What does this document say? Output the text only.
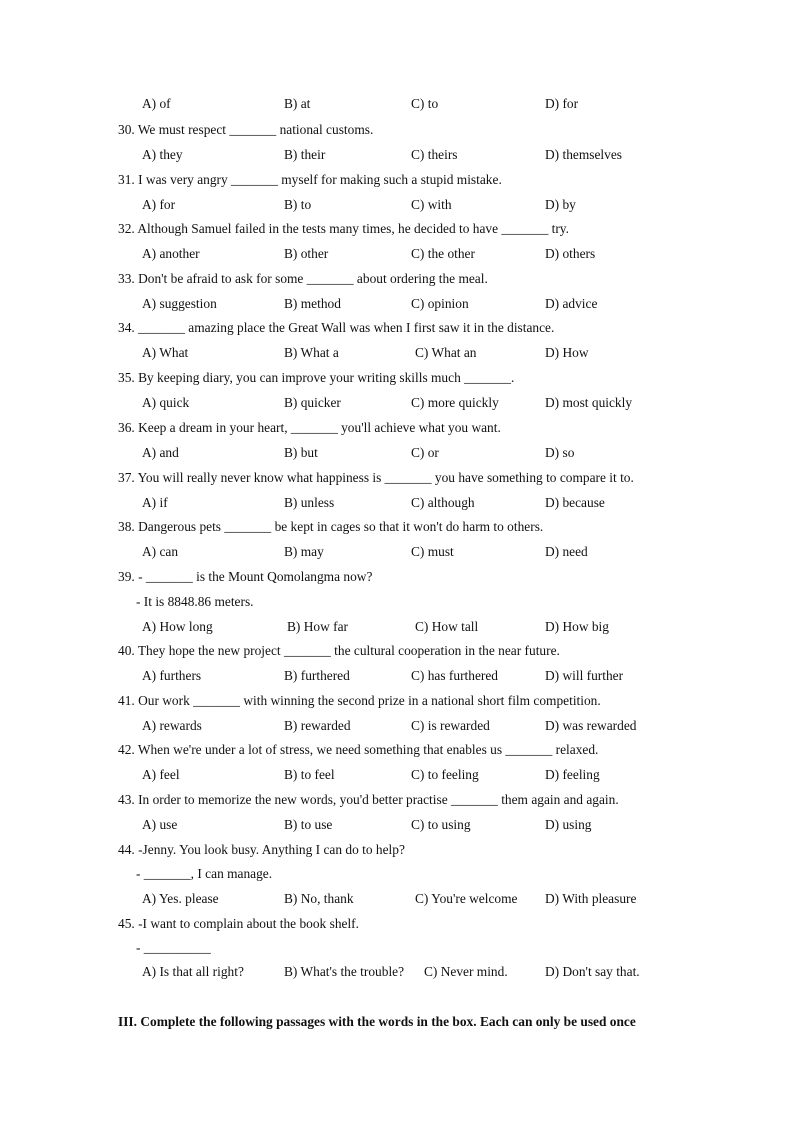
A) of	B) at	C) to	D) for
30. We must respect _______ national customs.
A) they	B) their	C) theirs	D) themselves
31. I was very angry _______ myself for making such a stupid mistake.
A) for	B) to	C) with	D) by
32. Although Samuel failed in the tests many times, he decided to have _______ try.
A) another	B) other	C) the other	D) others
33. Don't be afraid to ask for some _______ about ordering the meal.
A) suggestion	B) method	C) opinion	D) advice
34. _______ amazing place the Great Wall was when I first saw it in the distance.
A) What	B) What a	C) What an	D) How
35. By keeping diary, you can improve your writing skills much _______.
A) quick	B) quicker	C) more quickly	D) most quickly
36. Keep a dream in your heart, _______ you'll achieve what you want.
A) and	B) but	C) or	D) so
37. You will really never know what happiness is _______ you have something to compare it to.
A) if	B) unless	C) although	D) because
38. Dangerous pets _______ be kept in cages so that it won't do harm to others.
A) can	B) may	C) must	D) need
39. - _______ is the Mount Qomolangma now?
- It is 8848.86 meters.
A) How long	B) How far	C) How tall	D) How big
40. They hope the new project _______ the cultural cooperation in the near future.
A) furthers	B) furthered	C) has furthered	D) will further
41. Our work _______ with winning the second prize in a national short film competition.
A) rewards	B) rewarded	C) is rewarded	D) was rewarded
42. When we're under a lot of stress, we need something that enables us _______ relaxed.
A) feel	B) to feel	C) to feeling	D) feeling
43. In order to memorize the new words, you'd better practise _______ them again and again.
A) use	B) to use	C) to using	D) using
44. -Jenny. You look busy. Anything I can do to help?
- _______, I can manage.
A) Yes. please	B) No, thank	C) You're welcome D) With pleasure
45. -I want to complain about the book shelf.
- __________
A) Is that all right?	B) What's the trouble? C) Never mind.	D) Don't say that.
III. Complete the following passages with the words in the box. Each can only be used once
